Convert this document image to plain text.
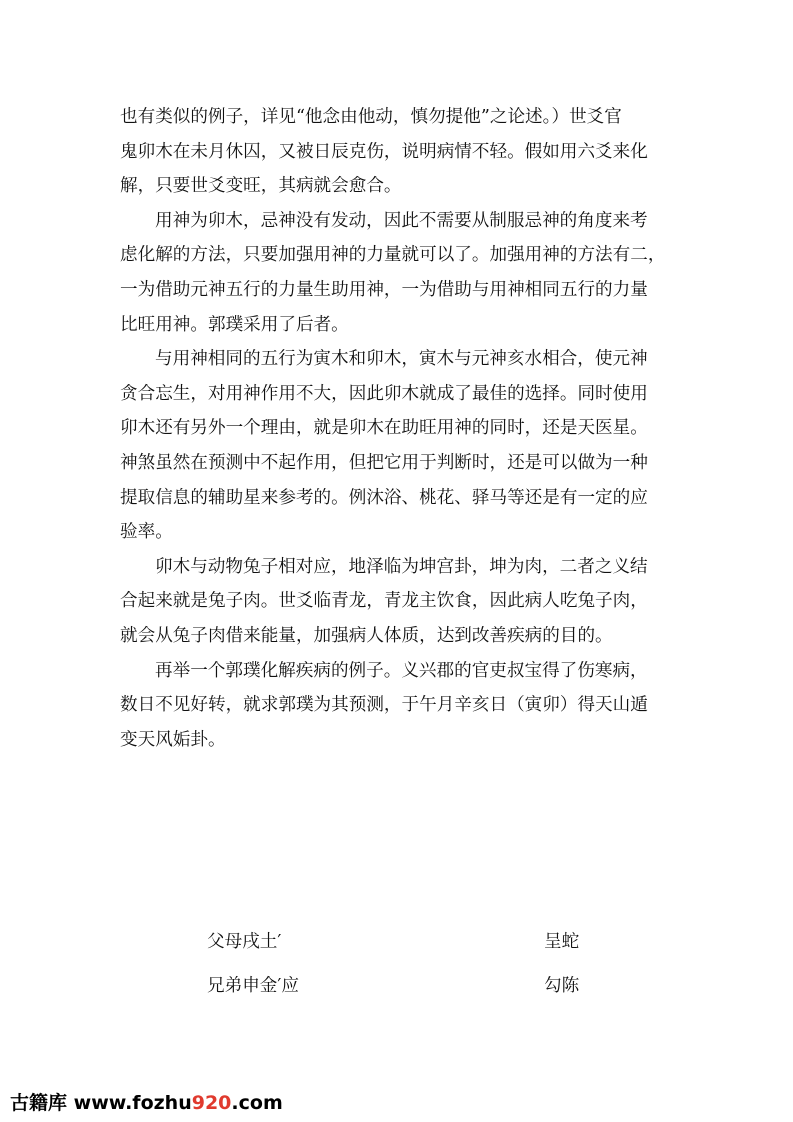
也有类似的例子，详见“他念由他动，慎勿提他”之论述。）世爻官
鬼卯木在未月休囚，又被日辰克伤，说明病情不轻。假如用六爻来化
解，只要世爻变旺，其病就会愈合。

用神为卯木，忌神没有发动，因此不需要从制服忌神的角度来考
虑化解的方法，只要加强用神的力量就可以了。加强用神的方法有二，
一为借助元神五行的力量生助用神，一为借助与用神相同五行的力量
比旺用神。郭璞采用了后者。

与用神相同的五行为寅木和卯木，寅木与元神亥水相合，使元神
贪合忘生，对用神作用不大，因此卯木就成了最佳的选择。同时使用
卯木还有另外一个理由，就是卯木在助旺用神的同时，还是天医星。
神煞虽然在预测中不起作用，但把它用于判断时，还是可以做为一种
提取信息的辅助星来参考的。例沐浴、桃花、驿马等还是有一定的应
验率。

卯木与动物兔子相对应，地泽临为坤宫卦，坤为肉，二者之义结
合起来就是兔子肉。世爻临青龙，青龙主饮食，因此病人吃兔子肉，
就会从兔子肉借来能量，加强病人体质，达到改善疾病的目的。

再举一个郭璞化解疾病的例子。义兴郡的官吏叔宝得了伤寒病，
数日不见好转，就求郭璞为其预测，于午月辛亥日（寅卯）得天山遁
变天风姤卦。

父母戌土′	呈蛇
兄弟申金′应	勾陈
古籍库 www.fozhu920.com
